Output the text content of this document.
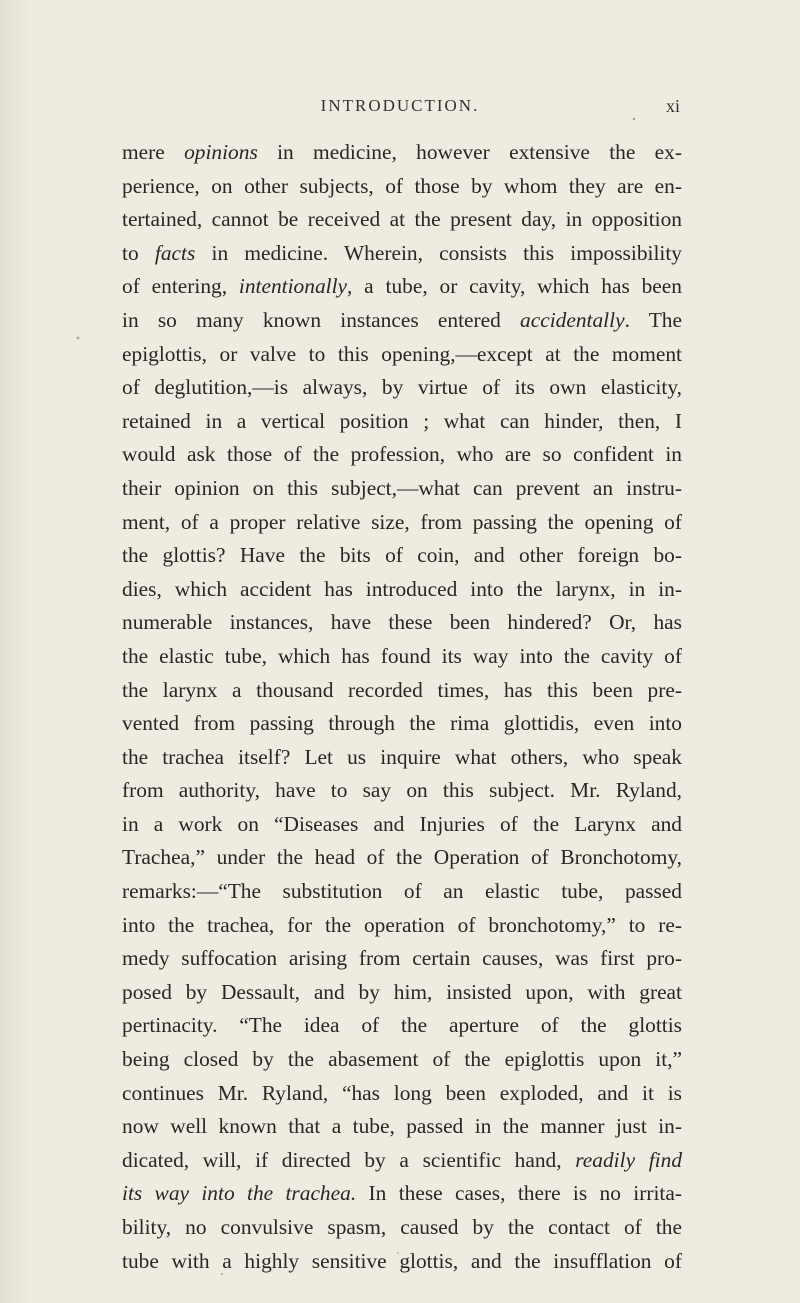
INTRODUCTION.	xi
mere opinions in medicine, however extensive the ex-
perience, on other subjects, of those by whom they are en-
tertained, cannot be received at the present day, in opposition
to facts in medicine. Wherein, consists this impossibility
of entering, intentionally, a tube, or cavity, which has been
in so many known instances entered accidentally. The
epiglottis, or valve to this opening,—except at the moment
of deglutition,—is always, by virtue of its own elasticity,
retained in a vertical position ; what can hinder, then, I
would ask those of the profession, who are so confident in
their opinion on this subject,—what can prevent an instru-
ment, of a proper relative size, from passing the opening of
the glottis? Have the bits of coin, and other foreign bo-
dies, which accident has introduced into the larynx, in in-
numerable instances, have these been hindered? Or, has
the elastic tube, which has found its way into the cavity of
the larynx a thousand recorded times, has this been pre-
vented from passing through the rima glottidis, even into
the trachea itself? Let us inquire what others, who speak
from authority, have to say on this subject. Mr. Ryland,
in a work on “Diseases and Injuries of the Larynx and
Trachea,” under the head of the Operation of Bronchotomy,
remarks:—“The substitution of an elastic tube, passed
into the trachea, for the operation of bronchotomy,” to re-
medy suffocation arising from certain causes, was first pro-
posed by Dessault, and by him, insisted upon, with great
pertinacity. “The idea of the aperture of the glottis
being closed by the abasement of the epiglottis upon it,”
continues Mr. Ryland, “has long been exploded, and it is
now well known that a tube, passed in the manner just in-
dicated, will, if directed by a scientific hand, readily find
its way into the trachea. In these cases, there is no irrita-
bility, no convulsive spasm, caused by the contact of the
tube with a highly sensitive glottis, and the insufflation of
